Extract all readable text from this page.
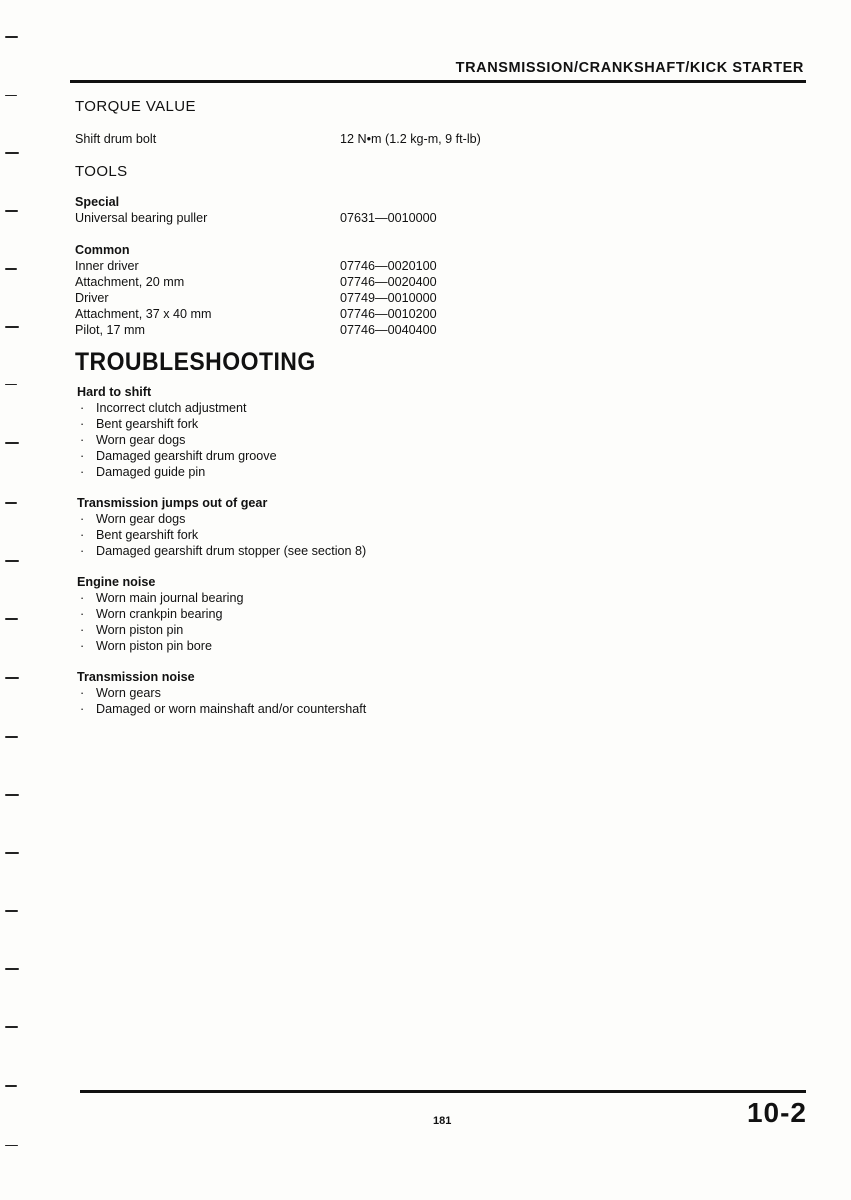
TRANSMISSION/CRANKSHAFT/KICK STARTER
TORQUE VALUE
Shift drum bolt	12 N•m (1.2 kg-m, 9 ft-lb)
TOOLS
Special
Universal bearing puller	07631—0010000
Common
Inner driver	07746—0020100
Attachment, 20 mm	07746—0020400
Driver	07749—0010000
Attachment, 37 x 40 mm	07746—0010200
Pilot, 17 mm	07746—0040400
TROUBLESHOOTING
Hard to shift
· Incorrect clutch adjustment
· Bent gearshift fork
· Worn gear dogs
· Damaged gearshift drum groove
· Damaged guide pin
Transmission jumps out of gear
· Worn gear dogs
· Bent gearshift fork
· Damaged gearshift drum stopper (see section 8)
Engine noise
· Worn main journal bearing
· Worn crankpin bearing
· Worn piston pin
· Worn piston pin bore
Transmission noise
· Worn gears
· Damaged or worn mainshaft and/or countershaft
181	10-2
